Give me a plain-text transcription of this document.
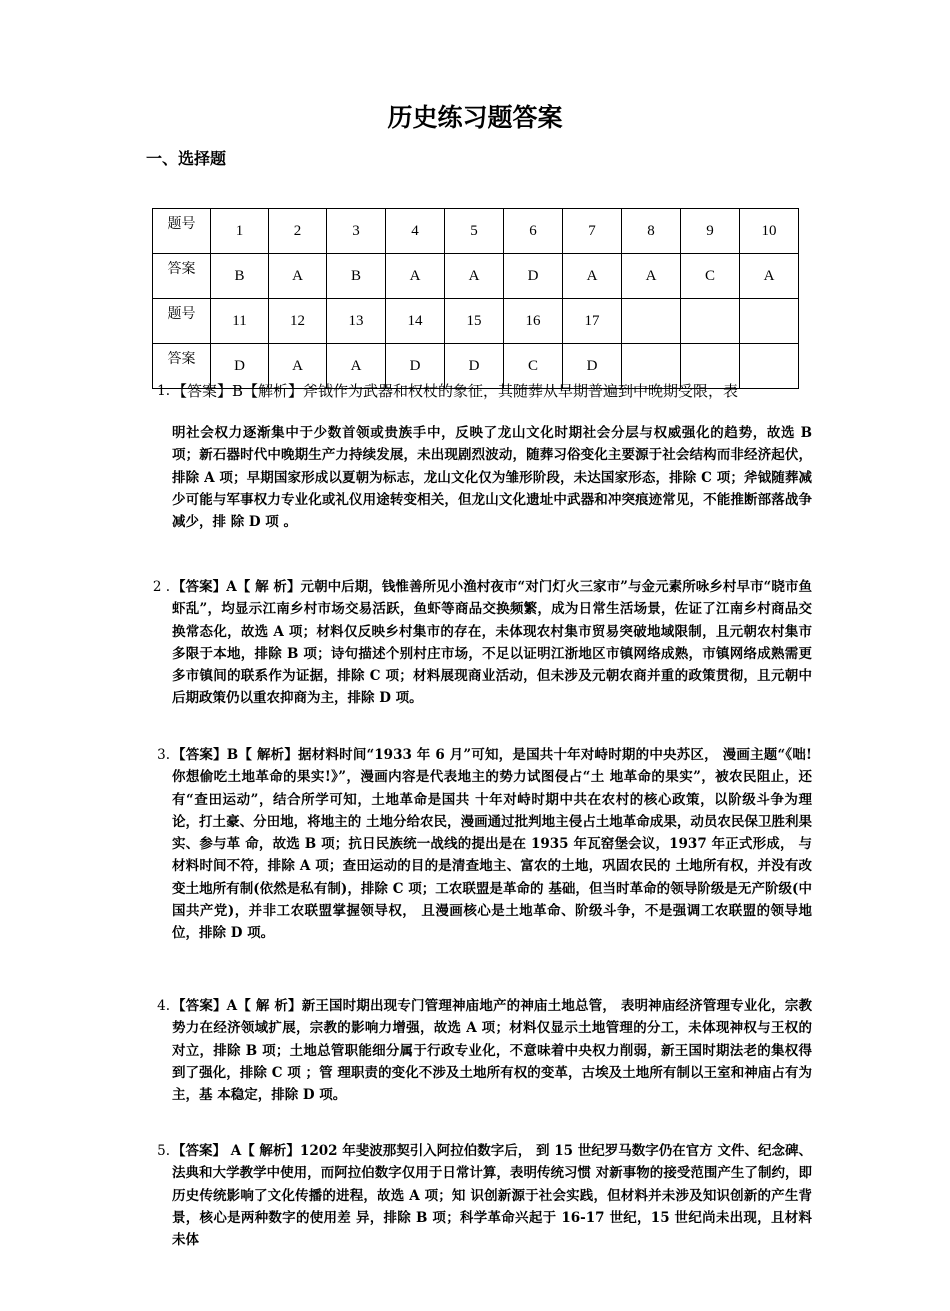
历史练习题答案
一、选择题
题号	1	2	3	4	5	6	7	8	9	10
答案	B	A	B	A	A	D	A	A	C	A
题号	11	12	13	14	15	16	17			
答案	D	A	A	D	D	C	D			
1. 【答案】B【解析】斧钺作为武器和权杖的象征，其随葬从早期普遍到中晚期受限，表
明社会权力逐渐集中于少数首领或贵族手中，反映了龙山文化时期社会分层与权威强化的趋势，故选 B 项；新石器时代中晚期生产力持续发展，未出现剧烈波动，随葬习俗变化主要源于社会结构而非经济起伏，排除 A 项；早期国家形成以夏朝为标志，龙山文化仅为雏形阶段，未达国家形态，排除 C 项；斧钺随葬减少可能与军事权力专业化或礼仪用途转变相关，但龙山文化遗址中武器和冲突痕迹常见，不能推断部落战争减少，排 除 D 项 。
2 . 【答案】A【 解 析】元朝中后期，钱惟善所见小渔村夜市“对门灯火三家市”与金元素所咏乡村早市“晓市鱼虾乱”，均显示江南乡村市场交易活跃，鱼虾等商品交换频繁，成为日常生活场景，佐证了江南乡村商品交换常态化，故选 A 项；材料仅反映乡村集市的存在，未体现农村集市贸易突破地域限制，且元朝农村集市多限于本地，排除 B 项；诗句描述个别村庄市场，不足以证明江浙地区市镇网络成熟，市镇网络成熟需更多市镇间的联系作为证据，排除 C 项；材料展现商业活动，但未涉及元朝农商并重的政策贯彻，且元朝中后期政策仍以重农抑商为主，排除 D 项。
3. 【答案】B【 解析】据材料时间“1933 年 6 月”可知，是国共十年对峙时期的中央苏区， 漫画主题“《咄!你想偷吃土地革命的果实!》”，漫画内容是代表地主的势力试图侵占“土 地革命的果实”，被农民阻止，还有“查田运动”，结合所学可知，土地革命是国共 十年对峙时期中共在农村的核心政策，以阶级斗争为理论，打土豪、分田地，将地主的 土地分给农民，漫画通过批判地主侵占土地革命成果，动员农民保卫胜利果实、参与革 命，故选 B 项；抗日民族统一战线的提出是在 1935 年瓦窑堡会议，1937 年正式形成， 与材料时间不符，排除 A 项；查田运动的目的是清查地主、富农的土地，巩固农民的 土地所有权，并没有改变土地所有制(依然是私有制)，排除 C 项；工农联盟是革命的 基础，但当时革命的领导阶级是无产阶级(中国共产党)，并非工农联盟掌握领导权， 且漫画核心是土地革命、阶级斗争，不是强调工农联盟的领导地位，排除 D 项。
4. 【答案】A【 解 析】新王国时期出现专门管理神庙地产的神庙土地总管， 表明神庙经济管理专业化，宗教势力在经济领域扩展，宗教的影响力增强，故选 A 项；材料仅显示土地管理的分工，未体现神权与王权的对立，排除 B 项；土地总管职能细分属于行政专业化，不意味着中央权力削弱，新王国时期法老的集权得到了强化，排除 C 项 ；管 理职责的变化不涉及土地所有权的变革，古埃及土地所有制以王室和神庙占有为主，基 本稳定，排除 D 项。
5. 【答案】 A【 解析】1202 年斐波那契引入阿拉伯数字后， 到 15 世纪罗马数字仍在官方 文件、纪念碑、法典和大学教学中使用，而阿拉伯数字仅用于日常计算，表明传统习惯 对新事物的接受范围产生了制约，即历史传统影响了文化传播的进程，故选 A 项；知 识创新源于社会实践，但材料并未涉及知识创新的产生背景，核心是两种数字的使用差 异，排除 B 项；科学革命兴起于 16-17 世纪，15 世纪尚未出现，且材料未体
